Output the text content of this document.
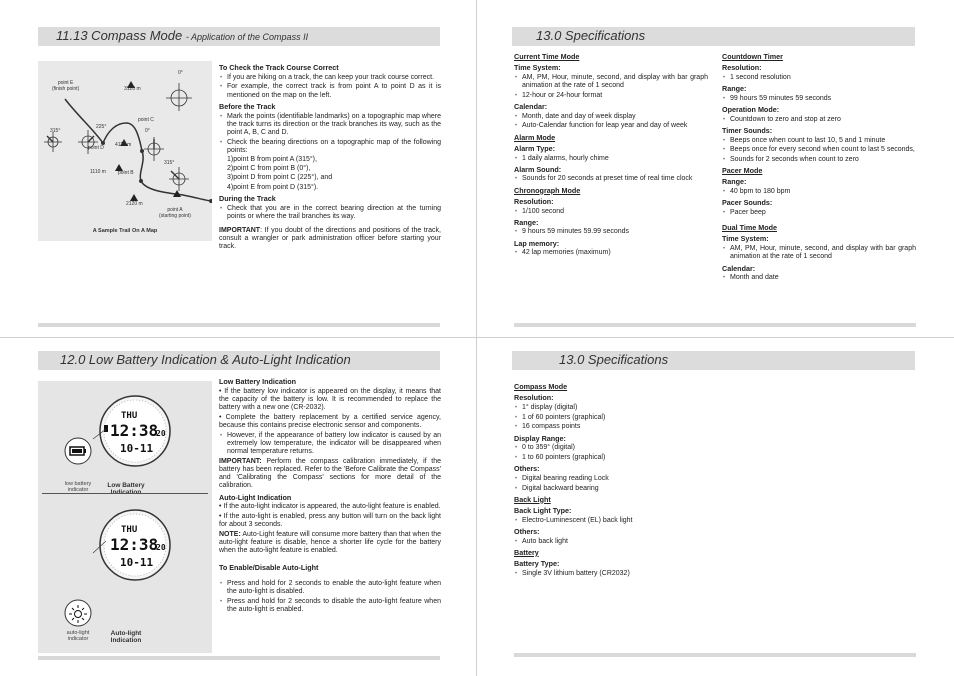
11.13 Compass Mode - Application of the Compass II
point E
(finish point)	3120 m
0°
point C
0°
225°
315°
4110 m
point D
315°
1110 m point B
2120 m
point A
(starting point)
A Sample Trail On A Map
To Check the Track Course Correct
• If you are hiking on a track, the can keep your track course correct.
• For example, the correct track is from point A to point D as it is mentioned on the map on the left.
Before the Track
• Mark the points (identifiable landmarks) on a topographic map where the track turns its direction or the track branches its way, such as the point A, B, C and D.
• Check the bearing directions on a topographic map of the following points:
1)point B from point A (315°),
2)point C from point B (0°),
3)point D from point C (225°), and
4)point E from point D (315°).
During the Track
• Check that you are in the correct bearing direction at the turning points or where the trail branches its way.
IMPORTANT: If you doubt of the directions and positions of the track, consult a wrangler or park administration officer before starting your track.
13.0 Specifications
Current Time Mode
Time System:
• AM, PM, Hour, minute, second, and display with bar graph animation at the rate of 1 second
• 12-hour or 24-hour format
Calendar:
• Month, date and day of week display
• Auto-Calendar function for leap year and day of week
Alarm Mode
Alarm Type:
• 1 daily alarms, hourly chime
Alarm Sound:
• Sounds for 20 seconds at preset time of real time clock
Chronograph Mode
Resolution:
• 1/100 second
Range:
• 9 hours 59 minutes 59.99 seconds
Lap memory:
• 42 lap memories (maximum)
Countdown Timer
Resolution:
• 1 second resolution
Range:
• 99 hours 59 minutes 59 seconds
Operation Mode:
• Countdown to zero and stop at zero
Timer Sounds:
• Beeps once when count to last 10, 5 and 1 minute
• Beeps once for every second when count to last 5 seconds,
• Sounds for 2 seconds when count to zero
Pacer Mode
Range:
• 40 bpm to 180 bpm
Pacer Sounds:
• Pacer beep
Dual Time Mode
Time System:
• AM, PM, Hour, minute, second, and display with bar graph animation at the rate of 1 second
Calendar:
• Month and date
12.0 Low Battery Indication & Auto-Light Indication
THU
12:38
20
10-11
THU
12:38
20
10-11
low battery indicator
Low Battery
auto-light indicator
Auto-light Indication
Low Battery Indication
• If the battery low indicator is appeared on the display, it means that the capacity of the battery is low. It is recommended to replace the battery with a new one (CR-2032).
• Complete the battery replacement by a certified service agency, because this contains precise electronic sensor and components.
• However, if the appearance of battery low indicator is caused by an extremely low temperature, the indicator will be disappeared when normal temperature returns.
IMPORTANT: Perform the compass calibration immediately, if the battery has been replaced. Refer to the 'Before Calibrate the Compass' and 'Calibrating the Compass' sections for more detail of the calibration.
Auto-Light Indication
• If the auto-light indicator is appeared, the auto-light feature is enabled.
• If the auto-light is enabled, press any button will turn on the back light for about 3 seconds.
NOTE: Auto-Light feature will consume more battery than that when the auto-light feature is disable, hence a shorter life cycle for the battery when the auto-light feature is enabled.
To Enable/Disable Auto-Light
• Press and hold for 2 seconds to enable the auto-light feature when the auto-light is disabled.
• Press and hold for 2 seconds to disable the auto-light feature when the auto-light is enabled.
13.0 Specifications
Compass Mode
Resolution:
• 1° display (digital)
• 1 of 60 pointers (graphical)
• 16 compass points
Display Range:
• 0 to 359° (digital)
• 1 to 60 pointers (graphical)
Others:
• Digital bearing reading Lock
• Digital backward bearing
Back Light
Back Light Type:
• Electro-Luminescent (EL) back light
Others:
• Auto back light
Battery
Battery Type:
• Single 3V lithium battery (CR2032)
